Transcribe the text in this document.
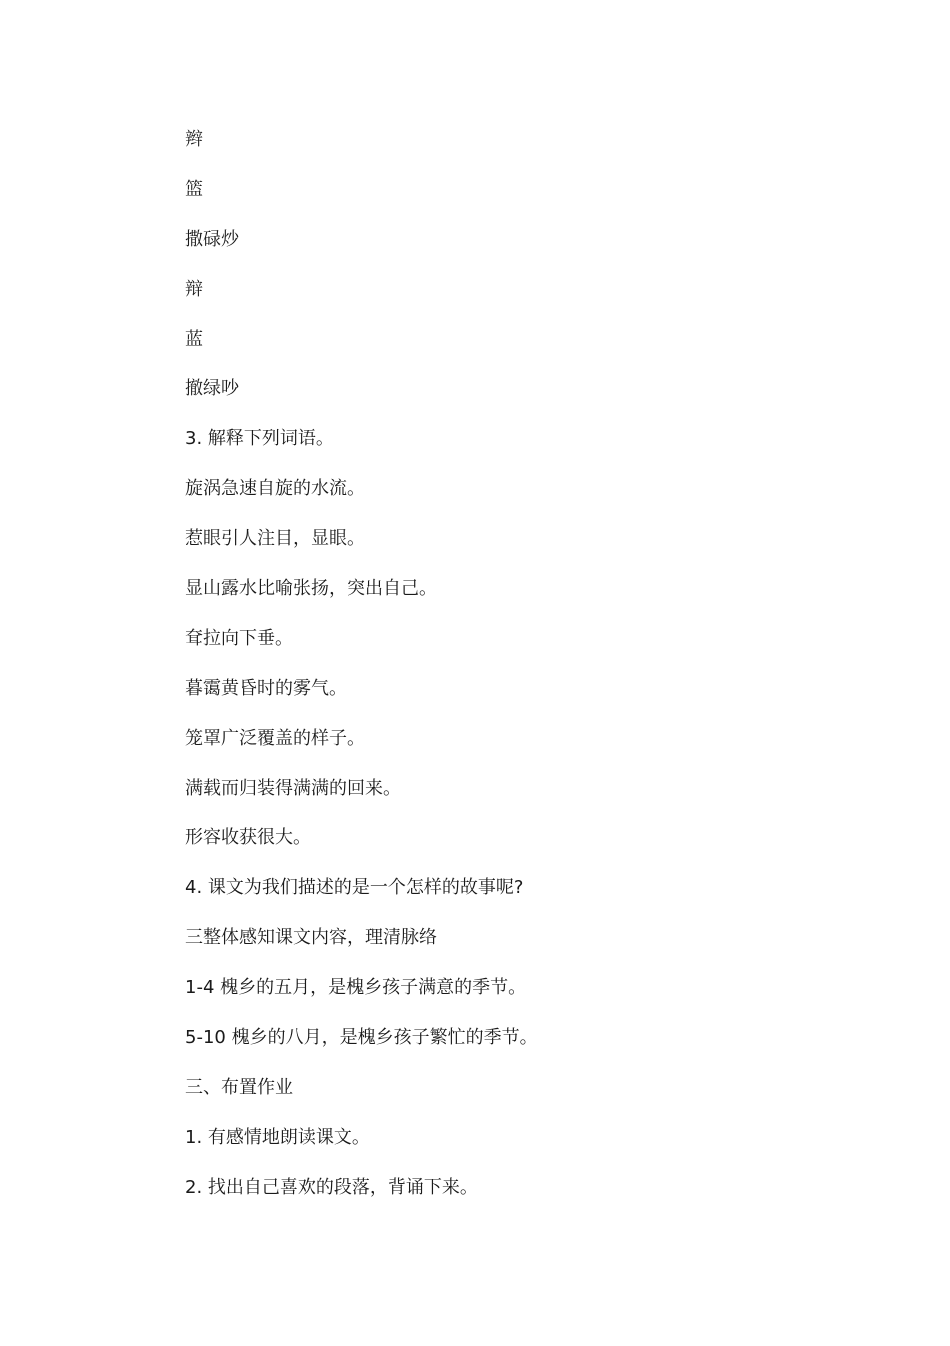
辫
篮
撒碌炒
辩
蓝
撤绿吵
3. 解释下列词语。
旋涡急速自旋的水流。
惹眼引人注目，显眼。
显山露水比喻张扬，突出自己。
耷拉向下垂。
暮霭黄昏时的雾气。
笼罩广泛覆盖的样子。
满载而归装得满满的回来。
形容收获很大。
4. 课文为我们描述的是一个怎样的故事呢?
三整体感知课文内容，理清脉络
1-4 槐乡的五月，是槐乡孩子满意的季节。
5-10 槐乡的八月，是槐乡孩子繁忙的季节。
三、布置作业
1. 有感情地朗读课文。
2. 找出自己喜欢的段落，背诵下来。
